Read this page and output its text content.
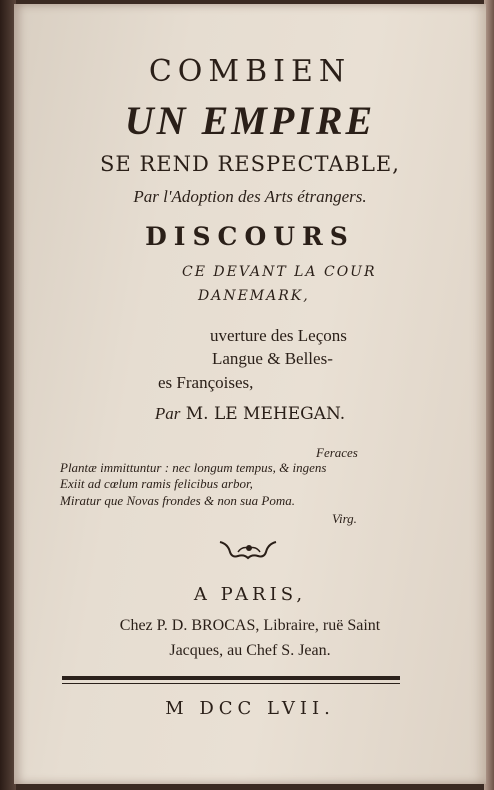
COMBIEN
UN EMPIRE
SE REND RESPECTABLE,
Par l'Adoption des Arts étrangers.
DISCOURS
CE DEVANT LA COUR
DANEMARK,
uverture des Leçons
Langue & Belles-
es Françoises,
Par M. LE MEHEGAN.
Feraces
Plantæ immittuntur : nec longum tempus, & ingens
Exiit ad cœlum ramis felicibus arbor,
Miratur que Novas frondes & non sua Poma.
Virg.
A PARIS,
Chez P. D. BROCAS, Libraire, ruë Saint
Jacques, au Chef S. Jean.
M DCC LVII.
